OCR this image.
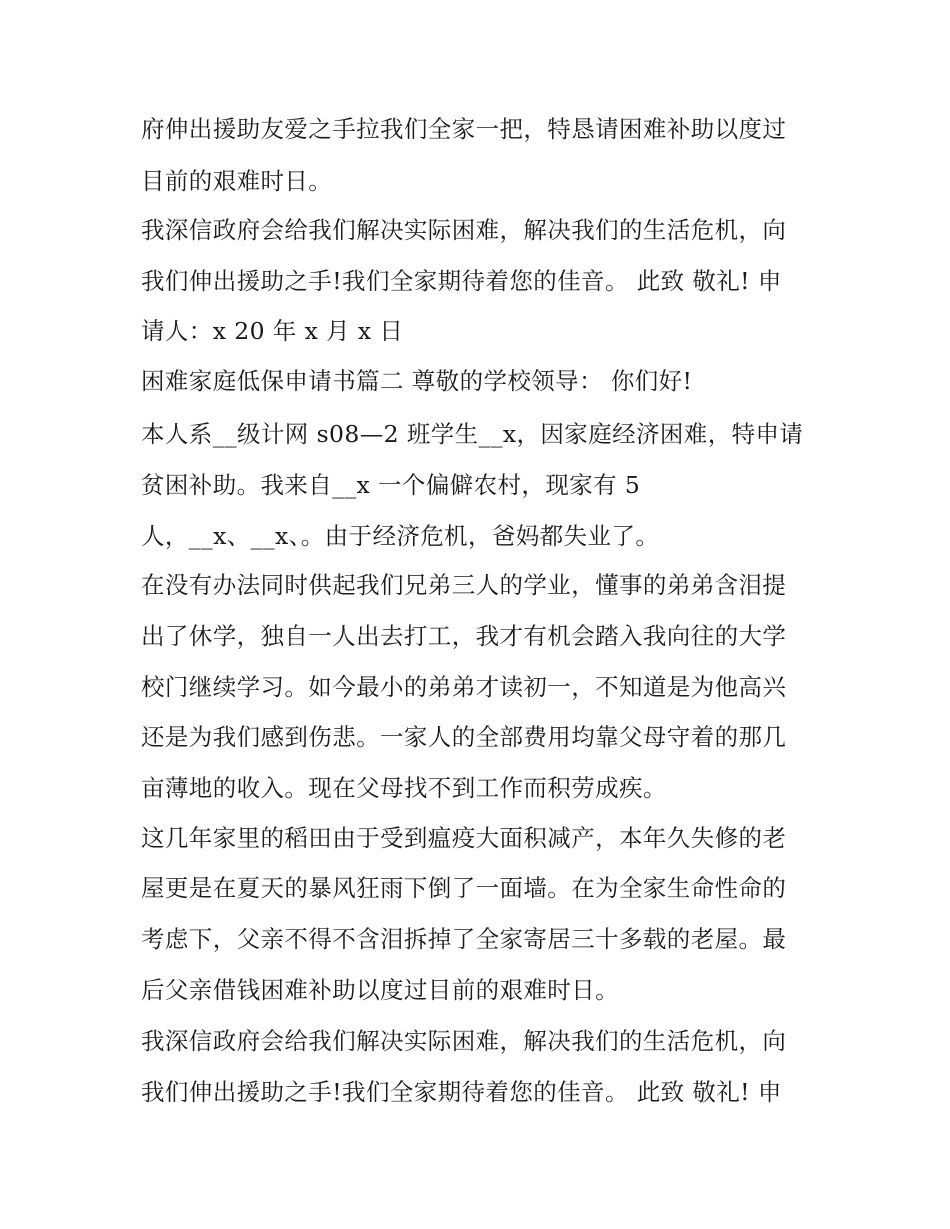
府伸出援助友爱之手拉我们全家一把，特恳请困难补助以度过
目前的艰难时日。
我深信政府会给我们解决实际困难，解决我们的生活危机，向
我们伸出援助之手!我们全家期待着您的佳音。 此致 敬礼! 申
请人：x 20 年 x 月 x 日
困难家庭低保申请书篇二 尊敬的学校领导： 你们好!
本人系__级计网 s08—2 班学生__x，因家庭经济困难，特申请
贫困补助。我来自__x 一个偏僻农村，现家有 5
人，__x、__x、。由于经济危机，爸妈都失业了。
在没有办法同时供起我们兄弟三人的学业，懂事的弟弟含泪提
出了休学，独自一人出去打工，我才有机会踏入我向往的大学
校门继续学习。如今最小的弟弟才读初一，不知道是为他高兴
还是为我们感到伤悲。一家人的全部费用均靠父母守着的那几
亩薄地的收入。现在父母找不到工作而积劳成疾。
这几年家里的稻田由于受到瘟疫大面积减产，本年久失修的老
屋更是在夏天的暴风狂雨下倒了一面墙。在为全家生命性命的
考虑下，父亲不得不含泪拆掉了全家寄居三十多载的老屋。最
后父亲借钱困难补助以度过目前的艰难时日。
我深信政府会给我们解决实际困难，解决我们的生活危机，向
我们伸出援助之手!我们全家期待着您的佳音。 此致 敬礼! 申
